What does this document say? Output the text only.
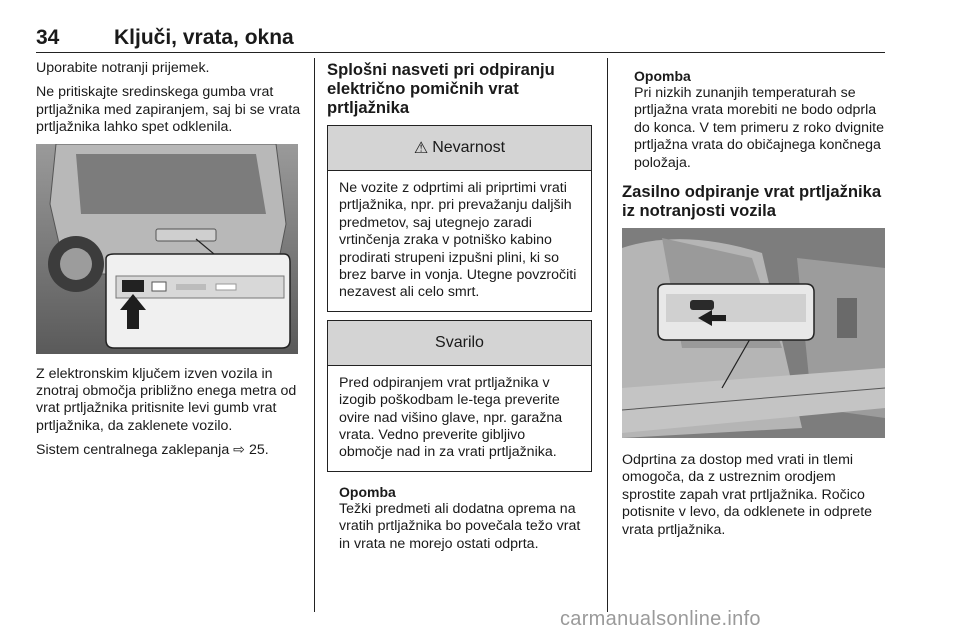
34	Ključi, vrata, okna

Uporabite notranji prijemek.

Ne pritiskajte sredinskega gumba vrat prtljažnika med zapiranjem, saj bi se vrata prtljažnika lahko spet odklenila.

Z elektronskim ključem izven vozila in znotraj območja približno enega metra od vrat prtljažnika pritisnite levi gumb vrat prtljažnika, da zaklenete vozilo.

Sistem centralnega zaklepanja ⇨ 25.

Splošni nasveti pri odpiranju električno pomičnih vrat prtljažnika
⚠ Nevarnost
Ne vozite z odprtimi ali priprtimi vrati prtljažnika, npr. pri prevažanju daljših predmetov, saj utegnejo zaradi vrtinčenja zraka v potniško kabino prodirati strupeni izpušni plini, ki so brez barve in vonja. Utegne povzročiti nezavest ali celo smrt.
Svarilo
Pred odpiranjem vrat prtljažnika v izogib poškodbam le-tega preverite ovire nad višino glave, npr. garažna vrata. Vedno preverite gibljivo območje nad in za vrati prtljažnika.
Opomba

Težki predmeti ali dodatna oprema na vratih prtljažnika bo povečala težo vrat in vrata ne morejo ostati odprta.

Opomba

Pri nizkih zunanjih temperaturah se prtljažna vrata morebiti ne bodo odprla do konca. V tem primeru z roko dvignite prtljažna vrata do običajnega končnega položaja.

Zasilno odpiranje vrat prtljažnika iz notranjosti vozila

Odprtina za dostop med vrati in tlemi omogoča, da z ustreznim orodjem sprostite zapah vrat prtljažnika. Ročico potisnite v levo, da odklenete in odprete vrata prtljažnika.

carmanualsonline.info
